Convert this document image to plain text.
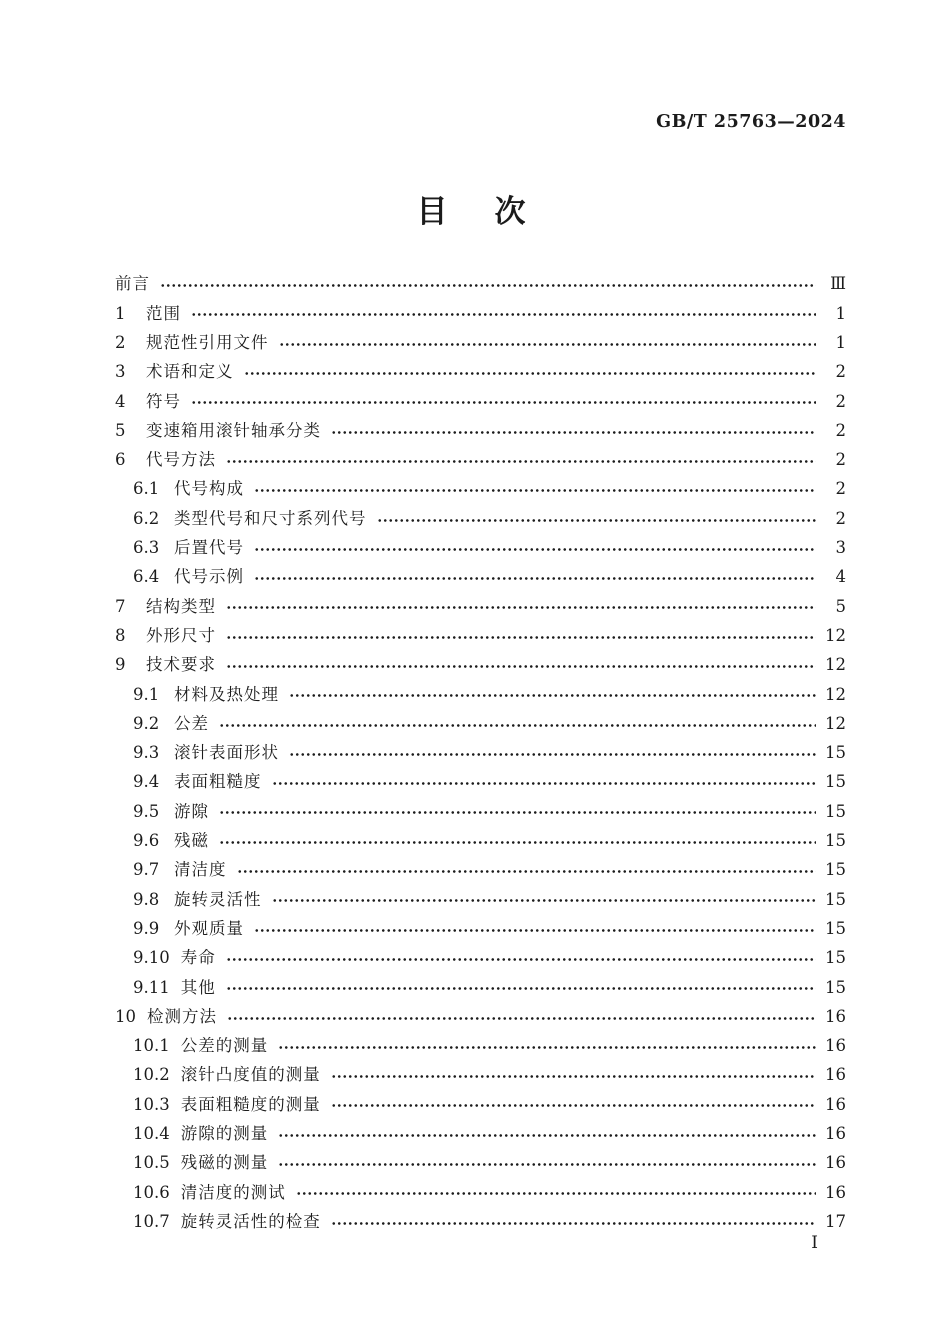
GB/T 25763—2024
目　次
前言	Ⅲ
1	范围	1
2	规范性引用文件	1
3	术语和定义	2
4	符号	2
5	变速箱用滚针轴承分类	2
6	代号方法	2
6.1 代号构成	2
6.2 类型代号和尺寸系列代号	2
6.3 后置代号	3
6.4 代号示例	4
7	结构类型	5
8	外形尺寸	12
9	技术要求	12
9.1 材料及热处理	12
9.2 公差	12
9.3 滚针表面形状	15
9.4 表面粗糙度	15
9.5 游隙	15
9.6 残磁	15
9.7 清洁度	15
9.8 旋转灵活性	15
9.9 外观质量	15
9.10 寿命	15
9.11 其他	15
10 检测方法	16
10.1 公差的测量	16
10.2 滚针凸度值的测量	16
10.3 表面粗糙度的测量	16
10.4 游隙的测量	16
10.5 残磁的测量	16
10.6 清洁度的测试	16
10.7 旋转灵活性的检查	17
Ⅰ
